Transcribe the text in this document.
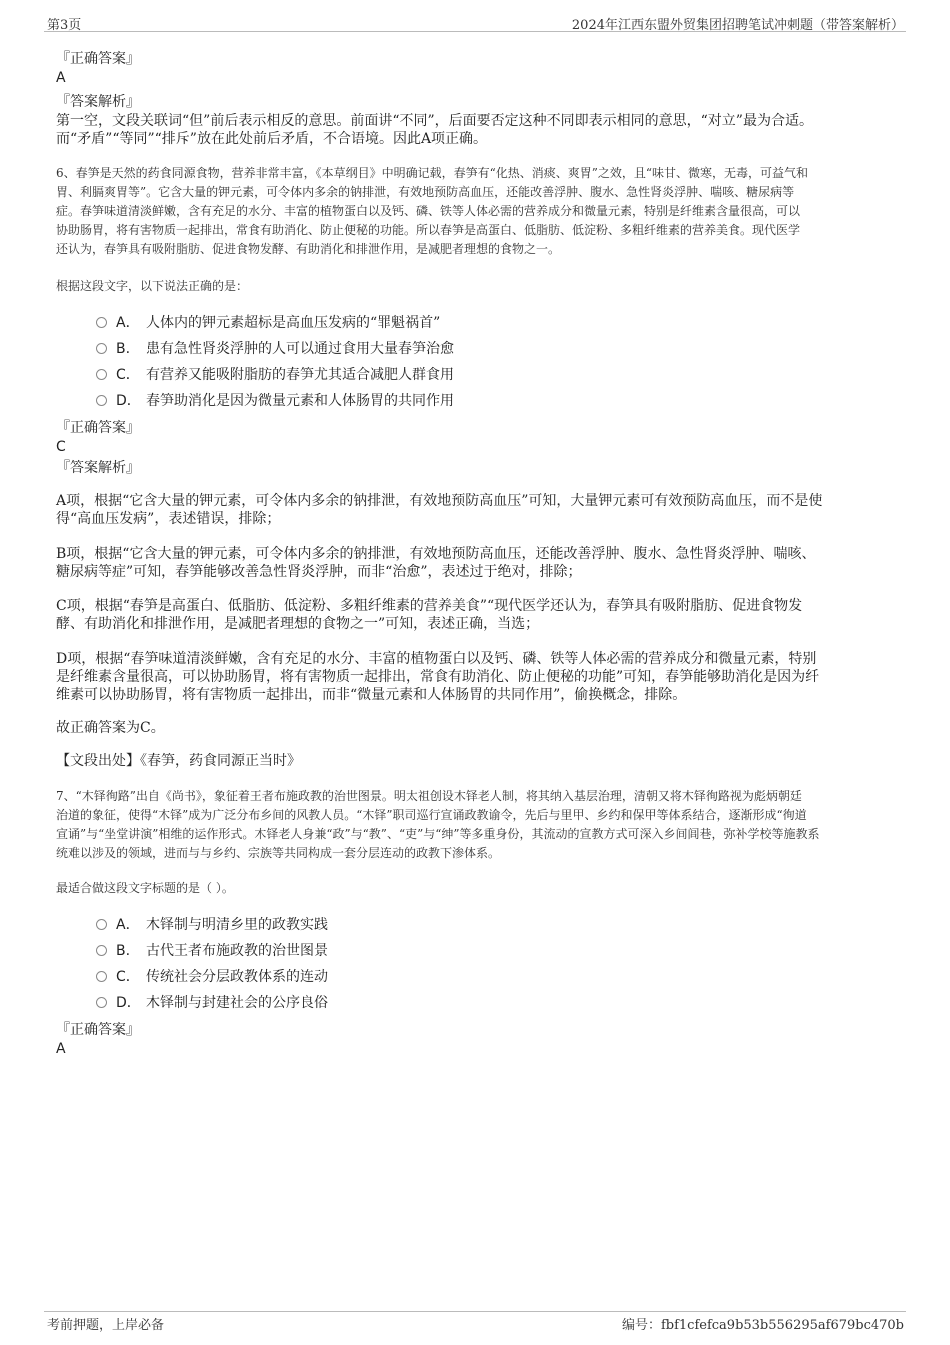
第3页	2024年江西东盟外贸集团招聘笔试冲刺题（带答案解析）
『正确答案』
A
『答案解析』

第一空，文段关联词“但”前后表示相反的意思。前面讲“不同”，后面要否定这种不同即表示相同的意思，“对立”最为合适。

而“矛盾”“等同”“排斥”放在此处前后矛盾，不合语境。因此A项正确。

6、春笋是天然的药食同源食物，营养非常丰富，《本草纲目》中明确记载，春笋有“化热、消痰、爽胃”之效，且“味甘、微寒，无毒，可益气和

胃、利膈爽胃等”。它含大量的钾元素，可令体内多余的钠排泄，有效地预防高血压，还能改善浮肿、腹水、急性肾炎浮肿、喘咳、糖尿病等

症。春笋味道清淡鲜嫩，含有充足的水分、丰富的植物蛋白以及钙、磷、铁等人体必需的营养成分和微量元素，特别是纤维素含量很高，可以

协助肠胃，将有害物质一起排出，常食有助消化、防止便秘的功能。所以春笋是高蛋白、低脂肪、低淀粉、多粗纤维素的营养美食。现代医学

还认为，春笋具有吸附脂肪、促进食物发酵、有助消化和排泄作用，是减肥者理想的食物之一。

根据这段文字，以下说法正确的是：

A． 人体内的钾元素超标是高血压发病的“罪魁祸首”
B. 患有急性肾炎浮肿的人可以通过食用大量春笋治愈
C． 有营养又能吸附脂肪的春笋尤其适合减肥人群食用
D． 春笋助消化是因为微量元素和人体肠胃的共同作用
『正确答案』
C
『答案解析』

A项，根据“它含大量的钾元素，可令体内多余的钠排泄，有效地预防高血压”可知，大量钾元素可有效预防高血压，而不是使

得“高血压发病”，表述错误，排除；

B项，根据“它含大量的钾元素，可令体内多余的钠排泄，有效地预防高血压，还能改善浮肿、腹水、急性肾炎浮肿、喘咳、

糖尿病等症”可知，春笋能够改善急性肾炎浮肿，而非“治愈”，表述过于绝对，排除；

C项，根据“春笋是高蛋白、低脂肪、低淀粉、多粗纤维素的营养美食”“现代医学还认为，春笋具有吸附脂肪、促进食物发

酵、有助消化和排泄作用，是减肥者理想的食物之一”可知，表述正确，当选；

D项，根据“春笋味道清淡鲜嫩，含有充足的水分、丰富的植物蛋白以及钙、磷、铁等人体必需的营养成分和微量元素，特别

是纤维素含量很高，可以协助肠胃，将有害物质一起排出，常食有助消化、防止便秘的功能”可知，春笋能够助消化是因为纤

维素可以协助肠胃，将有害物质一起排出，而非“微量元素和人体肠胃的共同作用”，偷换概念，排除。

故正确答案为C。

【文段出处】《春笋，药食同源正当时》

7、“木铎徇路”出自《尚书》，象征着王者布施政教的治世图景。明太祖创设木铎老人制，将其纳入基层治理，清朝又将木铎徇路视为彪炳朝廷

治道的象征，使得“木铎”成为广泛分布乡间的风教人员。“木铎”职司巡行宣诵政教谕令，先后与里甲、乡约和保甲等体系结合，逐渐形成“徇道

宣诵”与“坐堂讲演”相维的运作形式。木铎老人身兼“政”与“教”、“吏”与“绅”等多重身份，其流动的宣教方式可深入乡间闾巷，弥补学校等施教系

统难以涉及的领域，进而与与乡约、宗族等共同构成一套分层连动的政教下渗体系。

最适合做这段文字标题的是（ ）。

A． 木铎制与明清乡里的政教实践
B. 古代王者布施政教的治世图景
C． 传统社会分层政教体系的连动
D． 木铎制与封建社会的公序良俗
『正确答案』
A
考前押题，上岸必备	编号：fbf1cfefca9b53b556295af679bc470b
